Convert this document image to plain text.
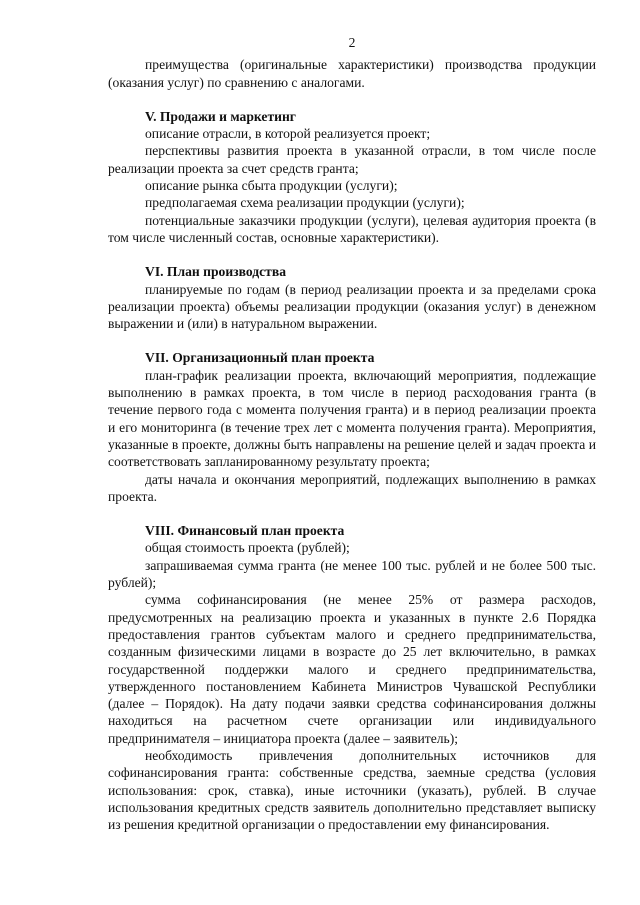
2

преимущества (оригинальные характеристики) производства продукции (оказания услуг) по сравнению с аналогами.

V. Продажи и маркетинг

описание отрасли, в которой реализуется проект;

перспективы развития проекта в указанной отрасли, в том числе после реализации проекта за счет средств гранта;

описание рынка сбыта продукции (услуги);

предполагаемая схема реализации продукции (услуги);

потенциальные заказчики продукции (услуги), целевая аудитория проекта (в том числе численный состав, основные характеристики).

VI. План производства

планируемые по годам (в период реализации проекта и за пределами срока реализации проекта) объемы реализации продукции (оказания услуг) в денежном выражении и (или) в натуральном выражении.

VII. Организационный план проекта

план-график реализации проекта, включающий мероприятия, подлежащие выполнению в рамках проекта, в том числе в период расходования гранта (в течение первого года с момента получения гранта) и в период реализации проекта и его мониторинга (в течение трех лет с момента получения гранта). Мероприятия, указанные в проекте, должны быть направлены на решение целей и задач проекта и соответствовать запланированному результату проекта;

даты начала и окончания мероприятий, подлежащих выполнению в рамках проекта.

VIII. Финансовый план проекта

общая стоимость проекта (рублей);

запрашиваемая сумма гранта (не менее 100 тыс. рублей и не более 500 тыс. рублей);

сумма софинансирования (не менее 25% от размера расходов, предусмотренных на реализацию проекта и указанных в пункте 2.6 Порядка предоставления грантов субъектам малого и среднего предпринимательства, созданным физическими лицами в возрасте до 25 лет включительно, в рамках государственной поддержки малого и среднего предпринимательства, утвержденного постановлением Кабинета Министров Чувашской Республики (далее – Порядок). На дату подачи заявки средства софинансирования должны находиться на расчетном счете организации или индивидуального предпринимателя – инициатора проекта (далее – заявитель);

необходимость привлечения дополнительных источников для софинансирования гранта: собственные средства, заемные средства (условия использования: срок, ставка), иные источники (указать), рублей. В случае использования кредитных средств заявитель дополнительно представляет выписку из решения кредитной организации о предоставлении ему финансирования.
